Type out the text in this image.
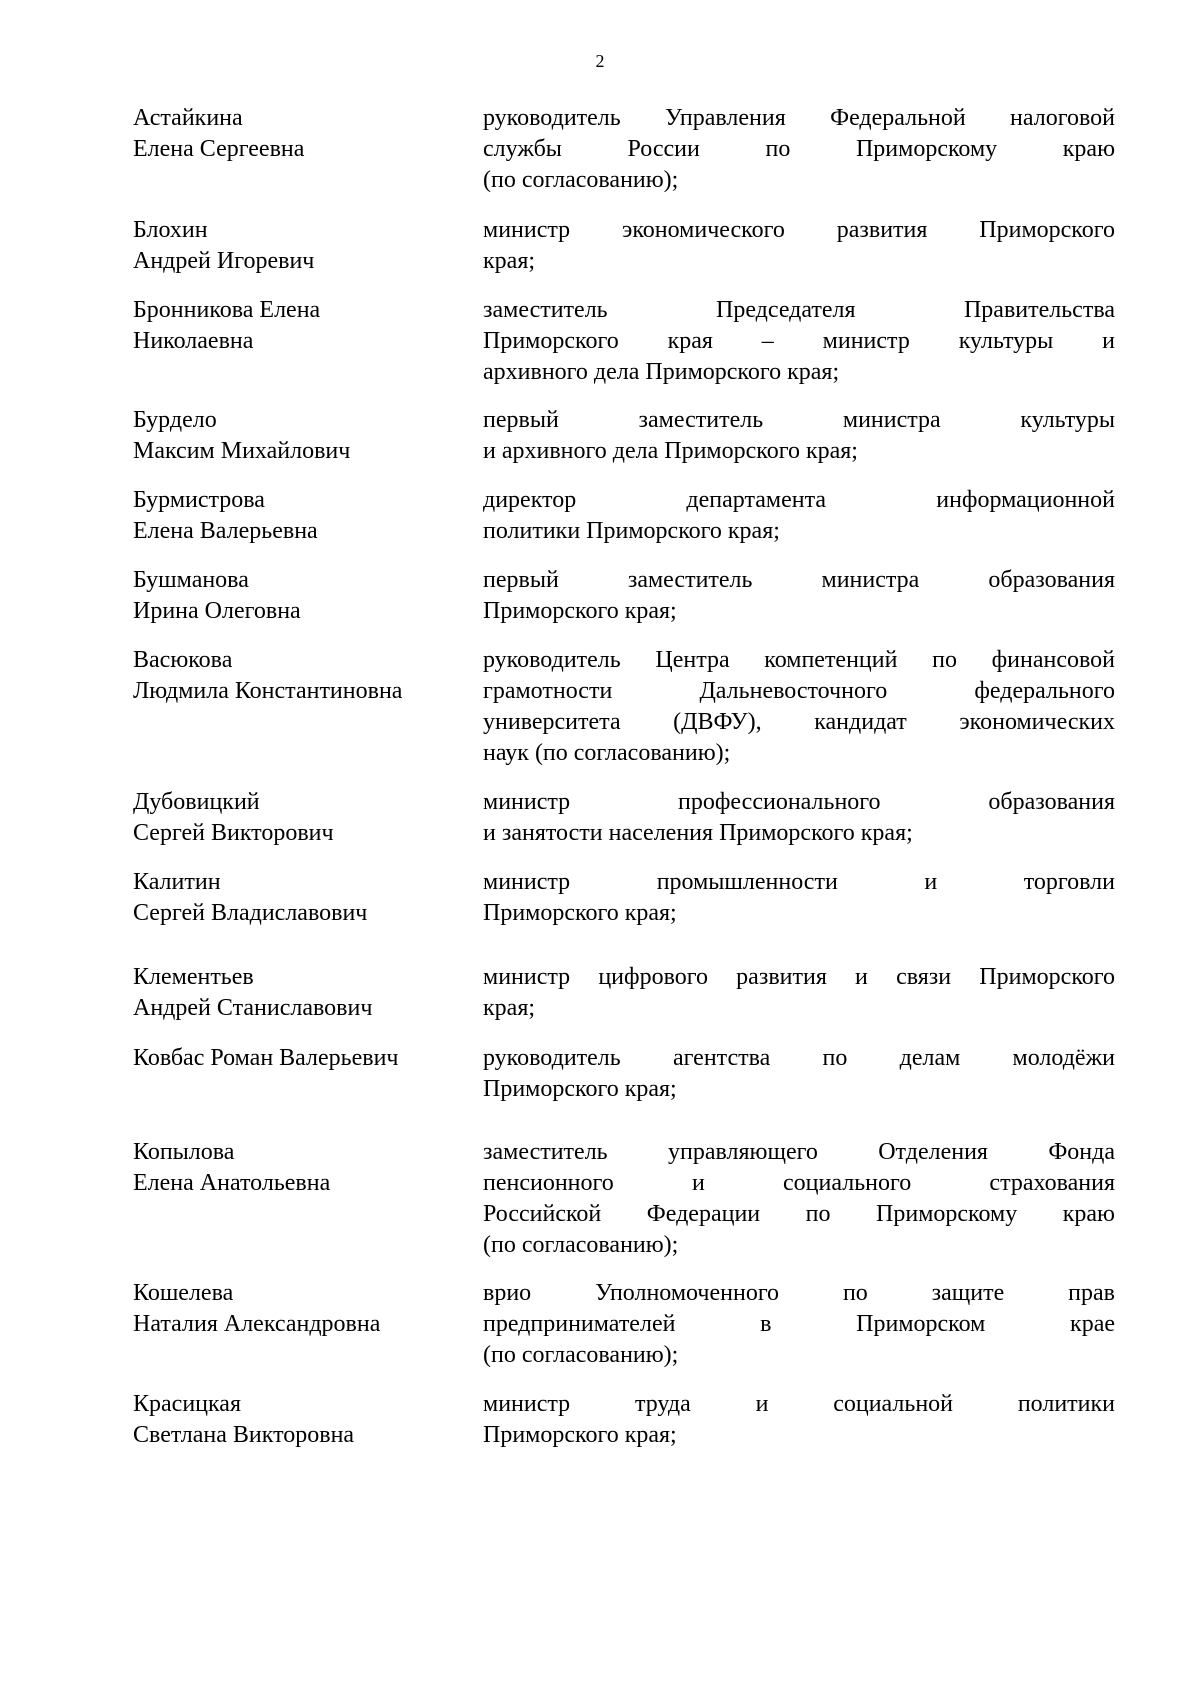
2
Астайкина
Елена Сергеевна
руководитель Управления Федеральной налоговой
службы России по Приморскому краю
(по согласованию);
Блохин
Андрей Игоревич
министр экономического развития Приморского
края;
Бронникова Елена
Николаевна
заместитель Председателя Правительства
Приморского края – министр культуры и
архивного дела Приморского края;
Бурдело
Максим Михайлович
первый заместитель министра культуры
и архивного дела Приморского края;
Бурмистрова
Елена Валерьевна
директор департамента информационной
политики Приморского края;
Бушманова
Ирина Олеговна
первый заместитель министра образования
Приморского края;
Васюкова
Людмила Константиновна
руководитель Центра компетенций по финансовой
грамотности Дальневосточного федерального
университета (ДВФУ), кандидат экономических
наук (по согласованию);
Дубовицкий
Сергей Викторович
министр профессионального образования
и занятости населения Приморского края;
Калитин
Сергей Владиславович
министр промышленности и торговли
Приморского края;
Клементьев
Андрей Станиславович
министр цифрового развития и связи Приморского
края;
Ковбас Роман Валерьевич	руководитель агентства по делам молодёжи
Приморского края;
Копылова
Елена Анатольевна
заместитель управляющего Отделения Фонда
пенсионного и социального страхования
Российской Федерации по Приморскому краю
(по согласованию);
Кошелева
Наталия Александровна
врио Уполномоченного по защите прав
предпринимателей в Приморском крае
(по согласованию);
Красицкая
Светлана Викторовна
министр труда и социальной политики
Приморского края;
